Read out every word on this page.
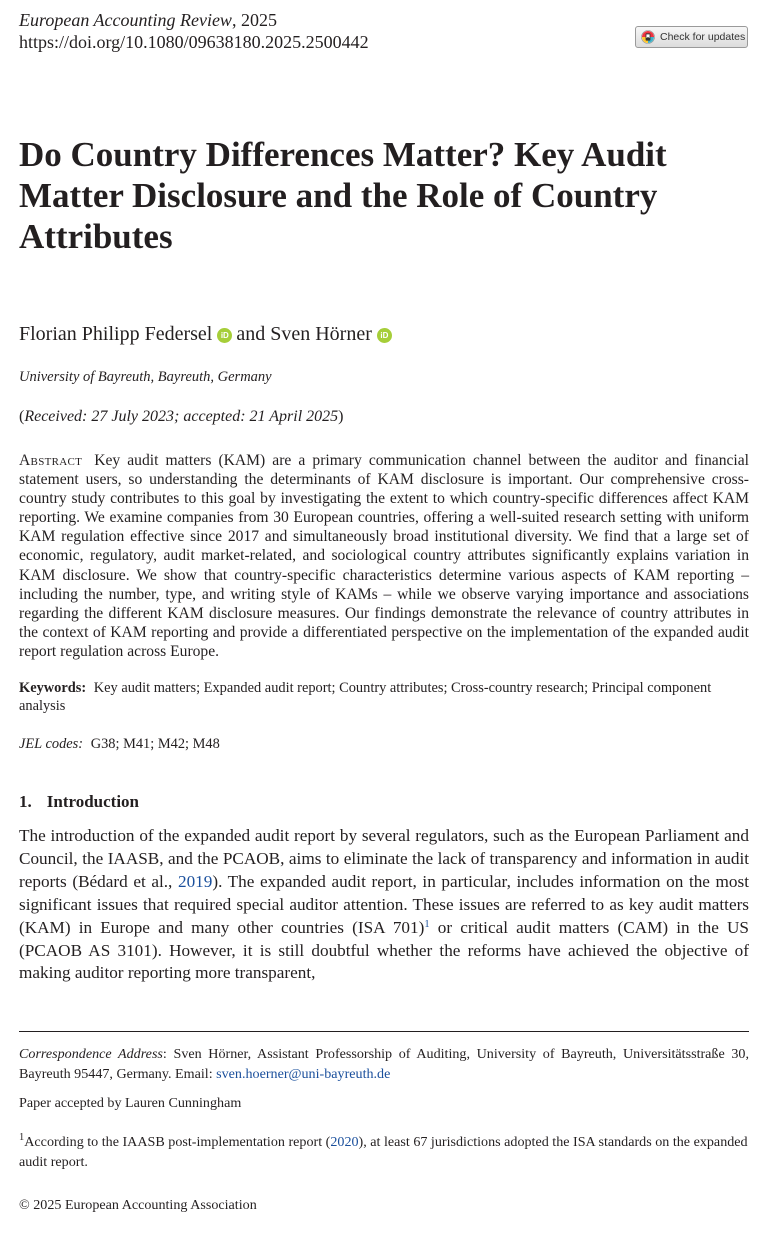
European Accounting Review, 2025
https://doi.org/10.1080/09638180.2025.2500442	Check for updates
Do Country Differences Matter? Key Audit Matter Disclosure and the Role of Country Attributes
Florian Philipp Federsel iD and Sven Hörner iD
University of Bayreuth, Bayreuth, Germany
(Received: 27 July 2023; accepted: 21 April 2025)
Abstract Key audit matters (KAM) are a primary communication channel between the auditor and financial statement users, so understanding the determinants of KAM disclosure is important. Our comprehensive cross-country study contributes to this goal by investigating the extent to which country-specific differences affect KAM reporting. We examine companies from 30 European countries, offering a well-suited research setting with uniform KAM regulation effective since 2017 and simultaneously broad institutional diversity. We find that a large set of economic, regulatory, audit market-related, and sociological country attributes significantly explains variation in KAM disclosure. We show that country-specific characteristics determine various aspects of KAM reporting – including the number, type, and writing style of KAMs – while we observe varying importance and associations regarding the different KAM disclosure measures. Our findings demonstrate the relevance of country attributes in the context of KAM reporting and provide a differentiated perspective on the implementation of the expanded audit report regulation across Europe.
Keywords: Key audit matters; Expanded audit report; Country attributes; Cross-country research; Principal component analysis
JEL codes: G38; M41; M42; M48
1. Introduction
The introduction of the expanded audit report by several regulators, such as the European Parliament and Council, the IAASB, and the PCAOB, aims to eliminate the lack of transparency and information in audit reports (Bédard et al., 2019). The expanded audit report, in particular, includes information on the most significant issues that required special auditor attention. These issues are referred to as key audit matters (KAM) in Europe and many other countries (ISA 701)$^1$ or critical audit matters (CAM) in the US (PCAOB AS 3101). However, it is still doubtful whether the reforms have achieved the objective of making auditor reporting more transparent,
Correspondence Address: Sven Hörner, Assistant Professorship of Auditing, University of Bayreuth, Universitätsstraße 30, Bayreuth 95447, Germany. Email: sven.hoerner@uni-bayreuth.de
Paper accepted by Lauren Cunningham
$^1$According to the IAASB post-implementation report (2020), at least 67 jurisdictions adopted the ISA standards on the expanded audit report.
© 2025 European Accounting Association
